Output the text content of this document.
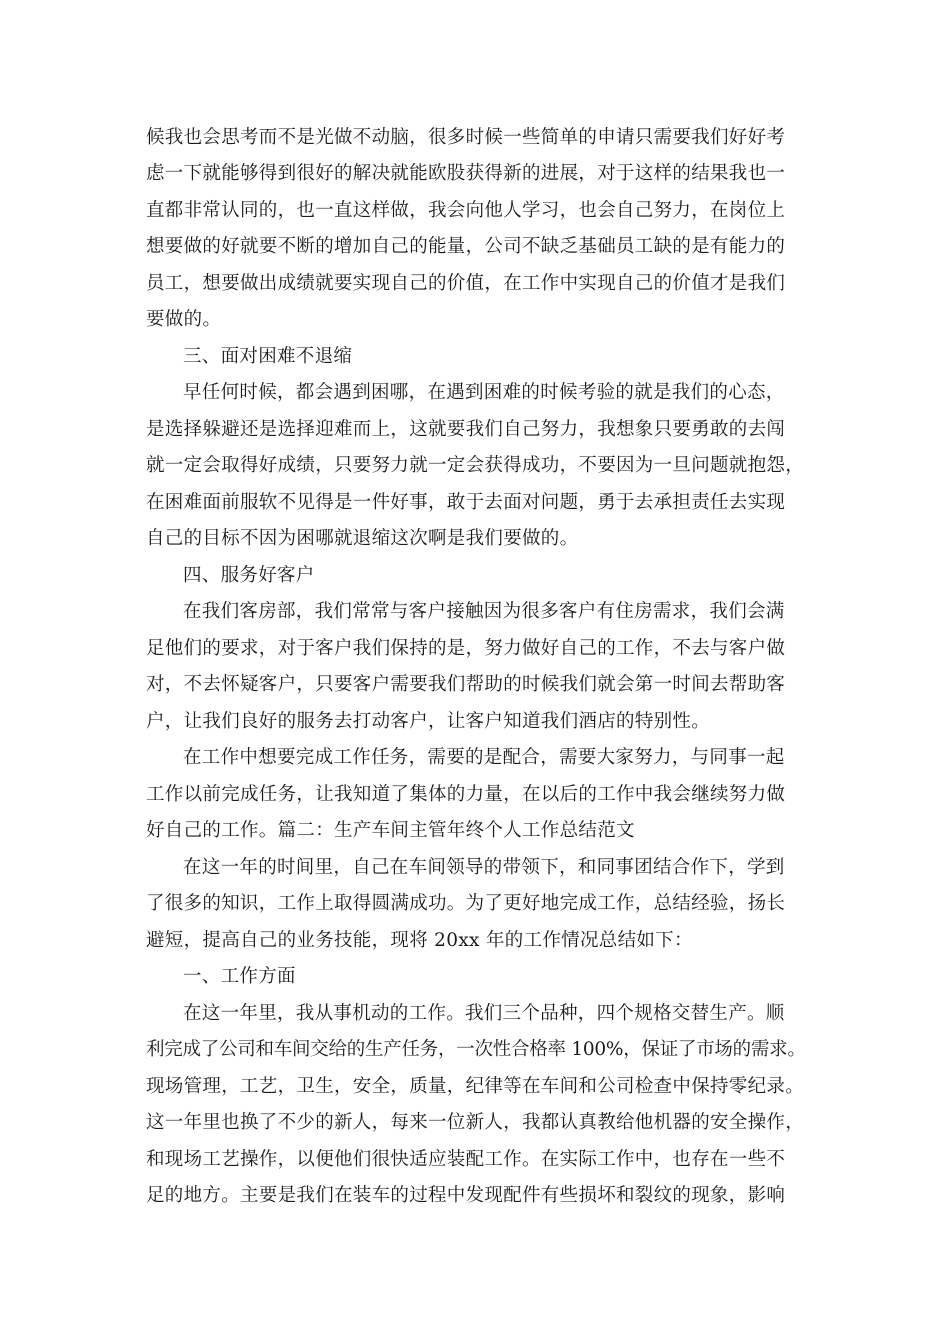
候我也会思考而不是光做不动脑，很多时候一些简单的申请只需要我们好好考
虑一下就能够得到很好的解决就能欧股获得新的进展，对于这样的结果我也一
直都非常认同的，也一直这样做，我会向他人学习，也会自己努力，在岗位上
想要做的好就要不断的增加自己的能量，公司不缺乏基础员工缺的是有能力的
员工，想要做出成绩就要实现自己的价值，在工作中实现自己的价值才是我们
要做的。
三、面对困难不退缩
早任何时候，都会遇到困哪，在遇到困难的时候考验的就是我们的心态，
是选择躲避还是选择迎难而上，这就要我们自己努力，我想象只要勇敢的去闯
就一定会取得好成绩，只要努力就一定会获得成功，不要因为一旦问题就抱怨，
在困难面前服软不见得是一件好事，敢于去面对问题，勇于去承担责任去实现
自己的目标不因为困哪就退缩这次啊是我们要做的。
四、服务好客户
在我们客房部，我们常常与客户接触因为很多客户有住房需求，我们会满
足他们的要求，对于客户我们保持的是，努力做好自己的工作，不去与客户做
对，不去怀疑客户，只要客户需要我们帮助的时候我们就会第一时间去帮助客
户，让我们良好的服务去打动客户，让客户知道我们酒店的特别性。
在工作中想要完成工作任务，需要的是配合，需要大家努力，与同事一起
工作以前完成任务，让我知道了集体的力量，在以后的工作中我会继续努力做
好自己的工作。篇二：生产车间主管年终个人工作总结范文
在这一年的时间里，自己在车间领导的带领下，和同事团结合作下，学到
了很多的知识，工作上取得圆满成功。为了更好地完成工作，总结经验，扬长
避短，提高自己的业务技能，现将 20xx 年的工作情况总结如下：
一、工作方面
在这一年里，我从事机动的工作。我们三个品种，四个规格交替生产。顺
利完成了公司和车间交给的生产任务，一次性合格率 100%，保证了市场的需求。
现场管理，工艺，卫生，安全，质量，纪律等在车间和公司检查中保持零纪录。
这一年里也换了不少的新人，每来一位新人，我都认真教给他机器的安全操作，
和现场工艺操作，以便他们很快适应装配工作。在实际工作中，也存在一些不
足的地方。主要是我们在装车的过程中发现配件有些损坏和裂纹的现象，影响
